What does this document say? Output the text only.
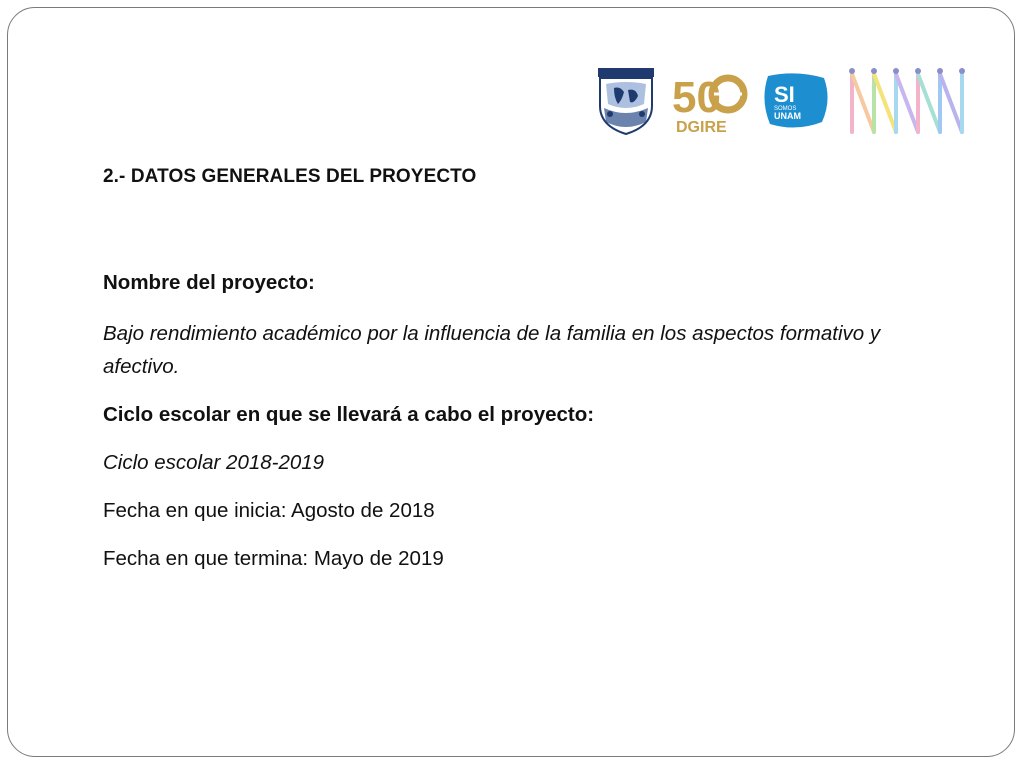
50
DGIRE
SI
SOMOS
UNAM

2.- DATOS GENERALES DEL PROYECTO

Nombre del proyecto:

Bajo rendimiento académico por la influencia de la familia en los aspectos formativo y afectivo.

Ciclo escolar en que se llevará a cabo el proyecto:

Ciclo escolar 2018-2019

Fecha en que inicia: Agosto de 2018

Fecha en que termina: Mayo de 2019
